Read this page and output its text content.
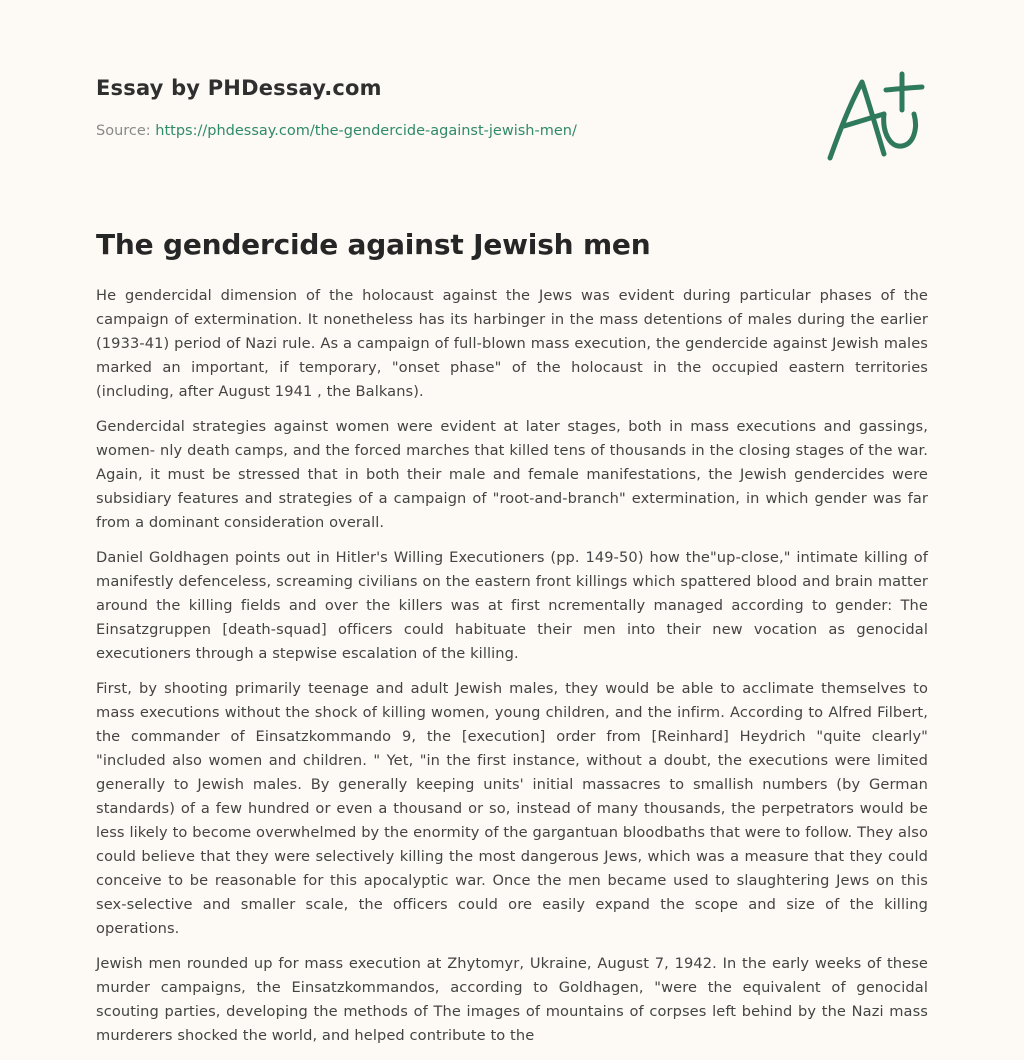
Essay by PHDessay.com
Source: https://phdessay.com/the-gendercide-against-jewish-men/
The gendercide against Jewish men

He gendercidal dimension of the holocaust against the Jews was evident during particular phases of the campaign of extermination. It nonetheless has its harbinger in the mass detentions of males during the earlier (1933-41) period of Nazi rule. As a campaign of full-blown mass execution, the gendercide against Jewish males marked an important, if temporary, "onset phase" of the holocaust in the occupied eastern territories (including, after August 1941 , the Balkans).

Gendercidal strategies against women were evident at later stages, both in mass executions and gassings, women- nly death camps, and the forced marches that killed tens of thousands in the closing stages of the war. Again, it must be stressed that in both their male and female manifestations, the Jewish gendercides were subsidiary features and strategies of a campaign of "root-and-branch" extermination, in which gender was far from a dominant consideration overall.

Daniel Goldhagen points out in Hitler's Willing Executioners (pp. 149-50) how the"up-close," intimate killing of manifestly defenceless, screaming civilians on the eastern front killings which spattered blood and brain matter around the killing fields and over the killers was at first ncrementally managed according to gender: The Einsatzgruppen [death-squad] officers could habituate their men into their new vocation as genocidal executioners through a stepwise escalation of the killing.

First, by shooting primarily teenage and adult Jewish males, they would be able to acclimate themselves to mass executions without the shock of killing women, young children, and the infirm. According to Alfred Filbert, the commander of Einsatzkommando 9, the [execution] order from [Reinhard] Heydrich "quite clearly" "included also women and children. " Yet, "in the first instance, without a doubt, the executions were limited generally to Jewish males. By generally keeping units' initial massacres to smallish numbers (by German standards) of a few hundred or even a thousand or so, instead of many thousands, the perpetrators would be less likely to become overwhelmed by the enormity of the gargantuan bloodbaths that were to follow. They also could believe that they were selectively killing the most dangerous Jews, which was a measure that they could conceive to be reasonable for this apocalyptic war. Once the men became used to slaughtering Jews on this sex-selective and smaller scale, the officers could ore easily expand the scope and size of the killing operations.

Jewish men rounded up for mass execution at Zhytomyr, Ukraine, August 7, 1942. In the early weeks of these murder campaigns, the Einsatzkommandos, according to Goldhagen, "were the equivalent of genocidal scouting parties, developing the methods of The images of mountains of corpses left behind by the Nazi mass murderers shocked the world, and helped contribute to the
